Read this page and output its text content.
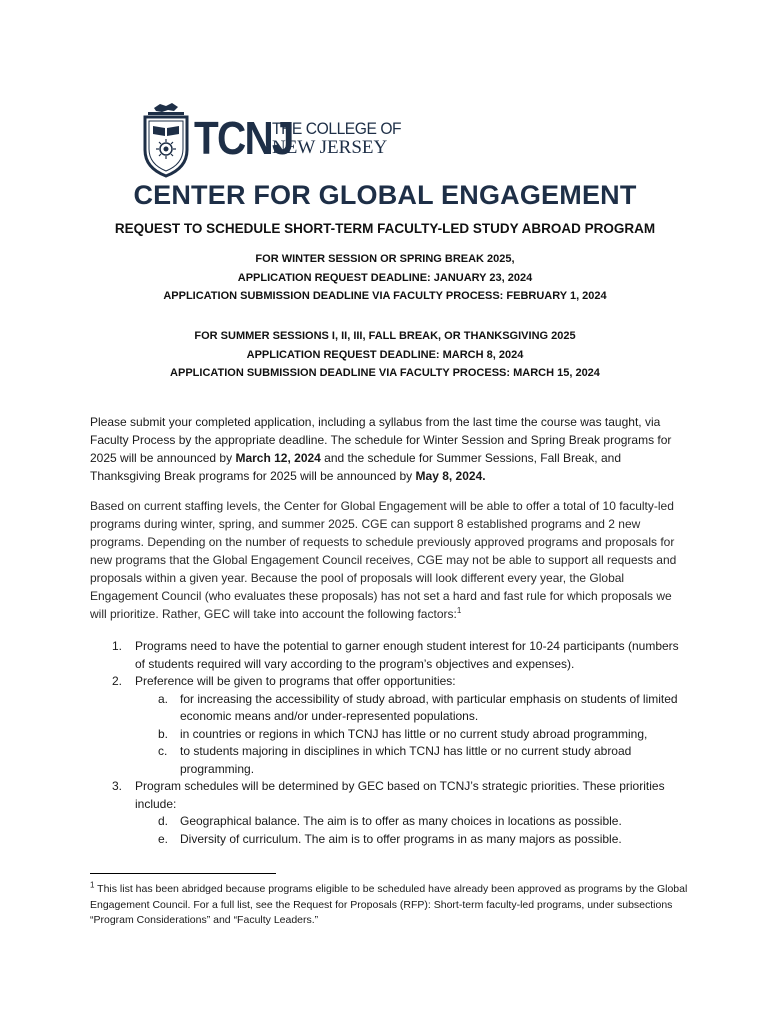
TCNJ
THE COLLEGE OF
NEW JERSEY
CENTER FOR GLOBAL ENGAGEMENT
REQUEST TO SCHEDULE SHORT-TERM FACULTY-LED STUDY ABROAD PROGRAM
FOR WINTER SESSION OR SPRING BREAK 2025,
APPLICATION REQUEST DEADLINE: JANUARY 23, 2024
APPLICATION SUBMISSION DEADLINE VIA FACULTY PROCESS: FEBRUARY 1, 2024
FOR SUMMER SESSIONS I, II, III, FALL BREAK, OR THANKSGIVING 2025
APPLICATION REQUEST DEADLINE: MARCH 8, 2024
APPLICATION SUBMISSION DEADLINE VIA FACULTY PROCESS: MARCH 15, 2024
Please submit your completed application, including a syllabus from the last time the course was taught, via Faculty Process by the appropriate deadline. The schedule for Winter Session and Spring Break programs for 2025 will be announced by March 12, 2024 and the schedule for Summer Sessions, Fall Break, and Thanksgiving Break programs for 2025 will be announced by May 8, 2024.
Based on current staffing levels, the Center for Global Engagement will be able to offer a total of 10 faculty-led programs during winter, spring, and summer 2025. CGE can support 8 established programs and 2 new programs. Depending on the number of requests to schedule previously approved programs and proposals for new programs that the Global Engagement Council receives, CGE may not be able to support all requests and proposals within a given year. Because the pool of proposals will look different every year, the Global Engagement Council (who evaluates these proposals) has not set a hard and fast rule for which proposals we will prioritize. Rather, GEC will take into account the following factors:$^1$
1. Programs need to have the potential to garner enough student interest for 10-24 participants (numbers of students required will vary according to the program’s objectives and expenses).
2. Preference will be given to programs that offer opportunities:
a. for increasing the accessibility of study abroad, with particular emphasis on students of limited economic means and/or under-represented populations.
b. in countries or regions in which TCNJ has little or no current study abroad programming,
c. to students majoring in disciplines in which TCNJ has little or no current study abroad programming.
3. Program schedules will be determined by GEC based on TCNJ’s strategic priorities. These priorities include:
d. Geographical balance. The aim is to offer as many choices in locations as possible.
e. Diversity of curriculum. The aim is to offer programs in as many majors as possible.
$^1$ This list has been abridged because programs eligible to be scheduled have already been approved as programs by the Global Engagement Council. For a full list, see the Request for Proposals (RFP): Short-term faculty-led programs, under subsections “Program Considerations” and “Faculty Leaders.”
